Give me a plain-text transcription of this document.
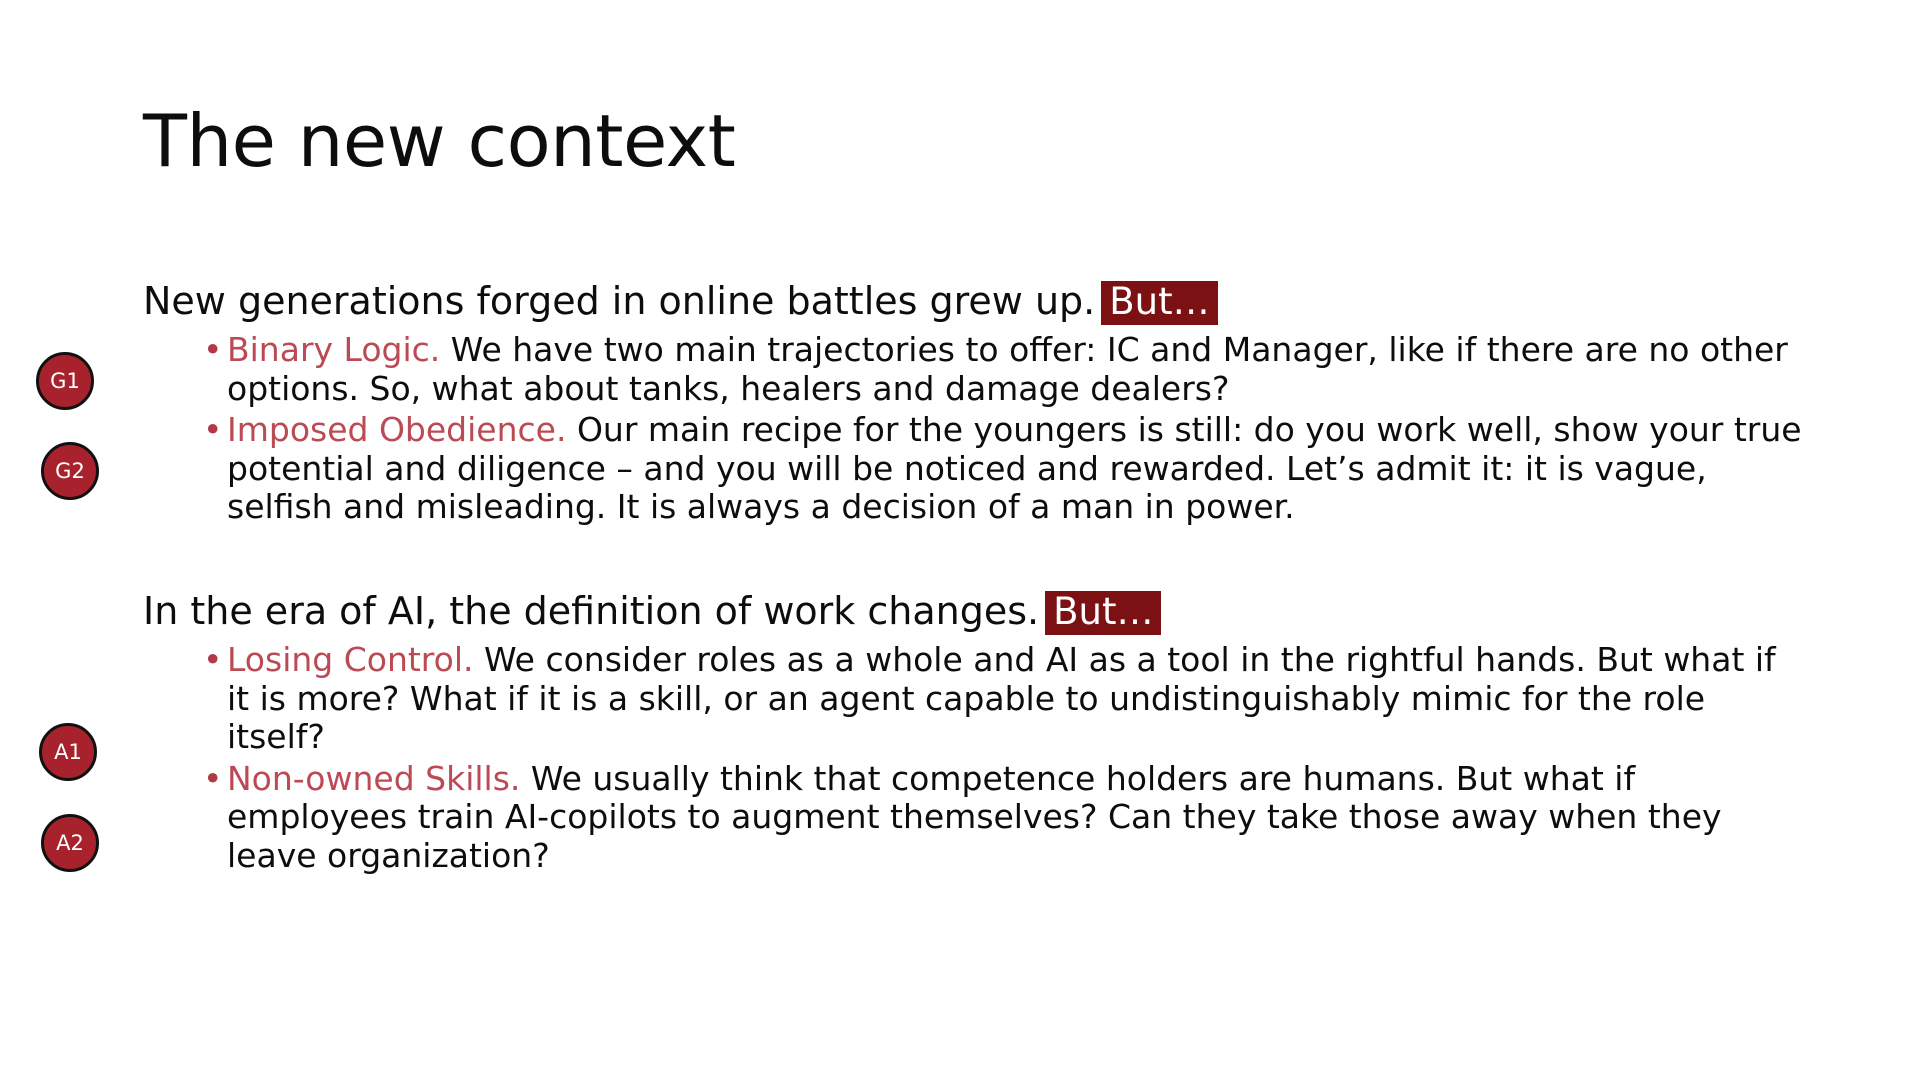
The new context
G1
G2
A1
A2
New generations forged in online battles grew up. But…
• Binary Logic. We have two main trajectories to offer: IC and Manager, like if there are no other options. So, what about tanks, healers and damage dealers?
• Imposed Obedience. Our main recipe for the youngers is still: do you work well, show your true potential and diligence – and you will be noticed and rewarded. Let’s admit it: it is vague, selfish and misleading. It is always a decision of a man in power.
In the era of AI, the definition of work changes. But…
• Losing Control. We consider roles as a whole and AI as a tool in the rightful hands. But what if it is more? What if it is a skill, or an agent capable to undistinguishably mimic for the role itself?
• Non-owned Skills. We usually think that competence holders are humans. But what if employees train AI-copilots to augment themselves? Can they take those away when they leave organization?
